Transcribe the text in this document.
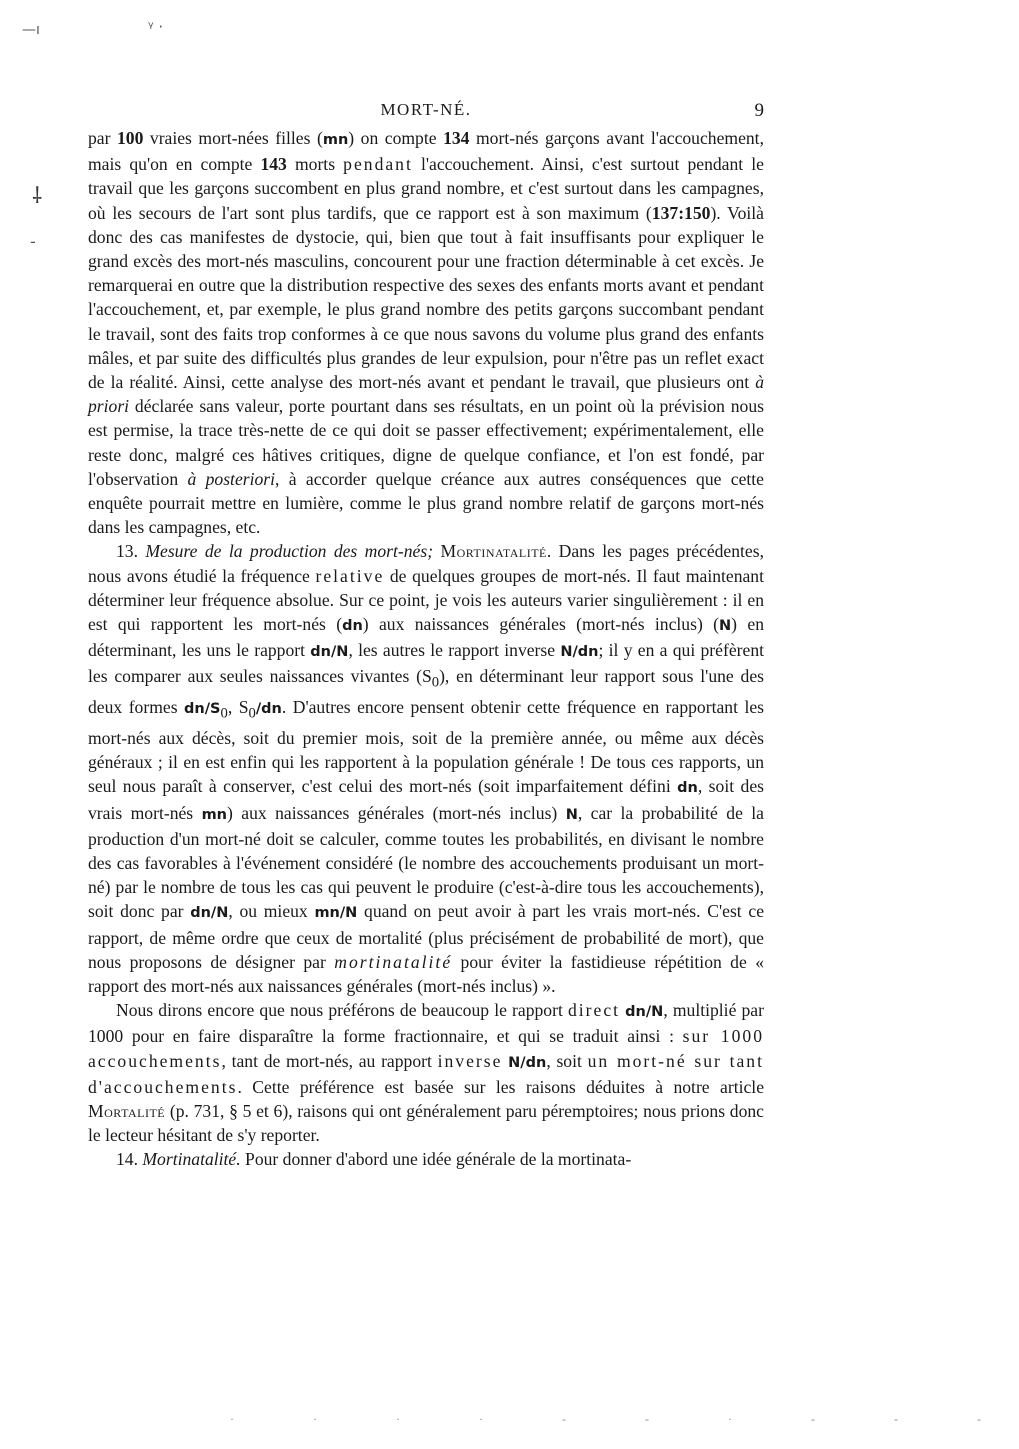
—ı	ᵞ ·
⸸
‑
MORT-NÉ.	9

par 100 vraies mort-nées filles (mn) on compte 134 mort-nés garçons avant l'accouchement, mais qu'on en compte 143 morts pendant l'accouchement. Ainsi, c'est surtout pendant le travail que les garçons succombent en plus grand nombre, et c'est surtout dans les campagnes, où les secours de l'art sont plus tardifs, que ce rapport est à son maximum (137:150). Voilà donc des cas manifestes de dystocie, qui, bien que tout à fait insuffisants pour expliquer le grand excès des mort-nés masculins, concourent pour une fraction déterminable à cet excès. Je remarquerai en outre que la distribution respective des sexes des enfants morts avant et pendant l'accouchement, et, par exemple, le plus grand nombre des petits garçons succombant pendant le travail, sont des faits trop conformes à ce que nous savons du volume plus grand des enfants mâles, et par suite des difficultés plus grandes de leur expulsion, pour n'être pas un reflet exact de la réalité. Ainsi, cette analyse des mort-nés avant et pendant le travail, que plusieurs ont à priori déclarée sans valeur, porte pourtant dans ses résultats, en un point où la prévision nous est permise, la trace très-nette de ce qui doit se passer effectivement; expérimentalement, elle reste donc, malgré ces hâtives critiques, digne de quelque confiance, et l'on est fondé, par l'observation à posteriori, à accorder quelque créance aux autres conséquences que cette enquête pourrait mettre en lumière, comme le plus grand nombre relatif de garçons mort-nés dans les campagnes, etc.

13. Mesure de la production des mort-nés; Mortinatalité. Dans les pages précédentes, nous avons étudié la fréquence relative de quelques groupes de mort-nés. Il faut maintenant déterminer leur fréquence absolue. Sur ce point, je vois les auteurs varier singulièrement : il en est qui rapportent les mort-nés (dn) aux naissances générales (mort-nés inclus) (N) en déterminant, les uns le rapport dn/N, les autres le rapport inverse N/dn; il y en a qui préfèrent les comparer aux seules naissances vivantes $(S_0)$, en déterminant leur rapport sous l'une des deux formes $dn/S_0$, $S_0/dn$. D'autres encore pensent obtenir cette fréquence en rapportant les mort-nés aux décès, soit du premier mois, soit de la première année, ou même aux décès généraux ; il en est enfin qui les rapportent à la population générale ! De tous ces rapports, un seul nous paraît à conserver, c'est celui des mort-nés (soit imparfaitement défini dn, soit des vrais mort-nés mn) aux naissances générales (mort-nés inclus) N, car la probabilité de la production d'un mort-né doit se calculer, comme toutes les probabilités, en divisant le nombre des cas favorables à l'événement considéré (le nombre des accouchements produisant un mort-né) par le nombre de tous les cas qui peuvent le produire (c'est-à-dire tous les accouchements), soit donc par dn/N, ou mieux mn/N quand on peut avoir à part les vrais mort-nés. C'est ce rapport, de même ordre que ceux de mortalité (plus précisément de probabilité de mort), que nous proposons de désigner par mortinatalité pour éviter la fastidieuse répétition de « rapport des mort-nés aux naissances générales (mort-nés inclus) ».

Nous dirons encore que nous préférons de beaucoup le rapport direct dn/N, multiplié par 1000 pour en faire disparaître la forme fractionnaire, et qui se traduit ainsi : sur 1000 accouchements, tant de mort-nés, au rapport inverse N/dn, soit un mort-né sur tant d'accouchements. Cette préférence est basée sur les raisons déduites à notre article Mortalité (p. 731, § 5 et 6), raisons qui ont généralement paru péremptoires; nous prions donc le lecteur hésitant de s'y reporter.

14. Mortinatalité. Pour donner d'abord une idée générale de la mortinata-

· · · · - - · - - -
